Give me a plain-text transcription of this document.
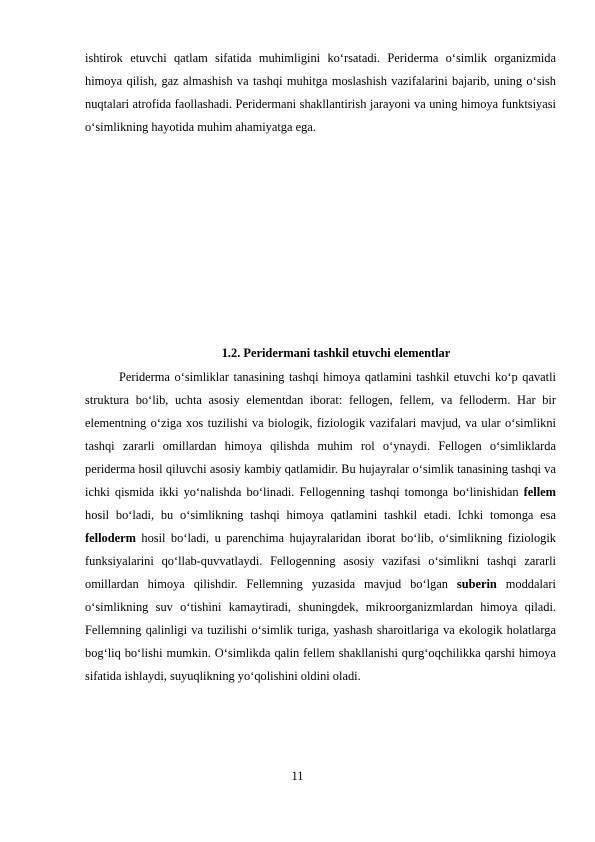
ishtirok etuvchi qatlam sifatida muhimligini ko‘rsatadi. Periderma o‘simlik organizmida himoya qilish, gaz almashish va tashqi muhitga moslashish vazifalarini bajarib, uning o‘sish nuqtalari atrofida faollashadi. Peridermani shakllantirish jarayoni va uning himoya funktsiyasi o‘simlikning hayotida muhim ahamiyatga ega.

1.2. Peridermani tashkil etuvchi elementlar

Periderma o‘simliklar tanasining tashqi himoya qatlamini tashkil etuvchi ko‘p qavatli struktura bo‘lib, uchta asosiy elementdan iborat: fellogen, fellem, va felloderm. Har bir elementning o‘ziga xos tuzilishi va biologik, fiziologik vazifalari mavjud, va ular o‘simlikni tashqi zararli omillardan himoya qilishda muhim rol o‘ynaydi. Fellogen o‘simliklarda periderma hosil qiluvchi asosiy kambiy qatlamidir. Bu hujayralar o‘simlik tanasining tashqi va ichki qismida ikki yo‘nalishda bo‘linadi. Fellogenning tashqi tomonga bo‘linishidan fellem hosil bo‘ladi, bu o‘simlikning tashqi himoya qatlamini tashkil etadi. Ichki tomonga esa felloderm hosil bo‘ladi, u parenchima hujayralaridan iborat bo‘lib, o‘simlikning fiziologik funksiyalarini qo‘llab-quvvatlaydi. Fellogenning asosiy vazifasi o‘simlikni tashqi zararli omillardan himoya qilishdir. Fellemning yuzasida mavjud bo‘lgan suberin moddalari o‘simlikning suv o‘tishini kamaytiradi, shuningdek, mikroorganizmlardan himoya qiladi. Fellemning qalinligi va tuzilishi o‘simlik turiga, yashash sharoitlariga va ekologik holatlarga bog‘liq bo‘lishi mumkin. O‘simlikda qalin fellem shakllanishi qurg‘oqchilikka qarshi himoya sifatida ishlaydi, suyuqlikning yo‘qolishini oldini oladi.

11
